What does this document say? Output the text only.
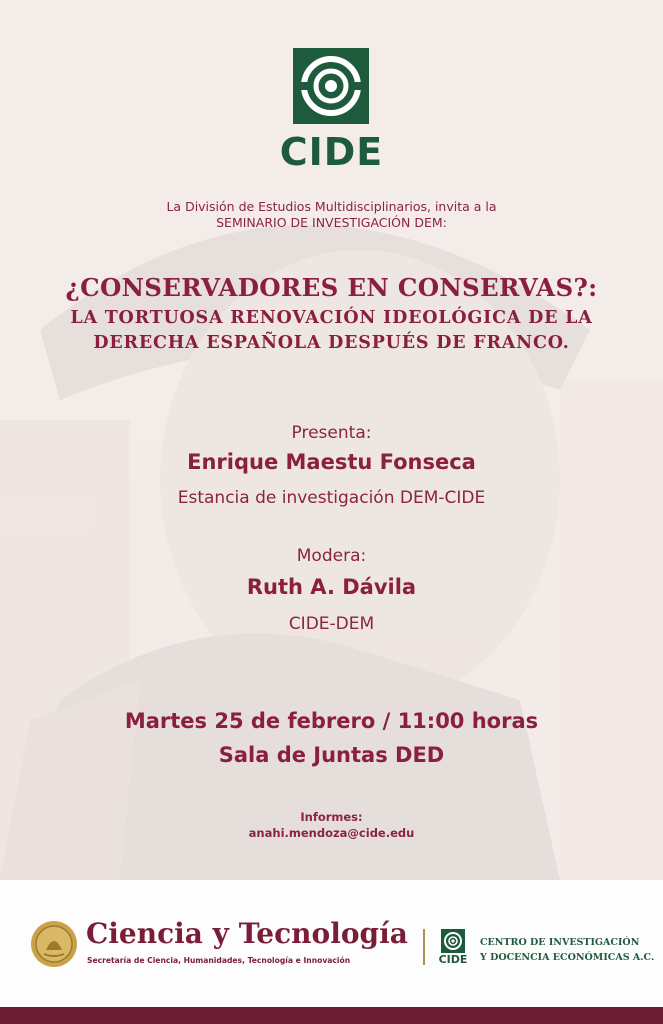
CIDE
La División de Estudios Multidisciplinarios, invita a la
SEMINARIO DE INVESTIGACIÓN DEM:
¿CONSERVADORES EN CONSERVAS?:
LA TORTUOSA RENOVACIÓN IDEOLÓGICA DE LA
DERECHA ESPAÑOLA DESPUÉS DE FRANCO.
Presenta:
Enrique Maestu Fonseca
Estancia de investigación DEM-CIDE
Modera:
Ruth A. Dávila
CIDE-DEM
Martes 25 de febrero / 11:00 horas
Sala de Juntas DED
Informes:
anahi.mendoza@cide.edu
Ciencia y Tecnología
Secretaría de Ciencia, Humanidades, Tecnología e Innovación	CIDE
CENTRO DE INVESTIGACIÓN
Y DOCENCIA ECONÓMICAS A.C.
